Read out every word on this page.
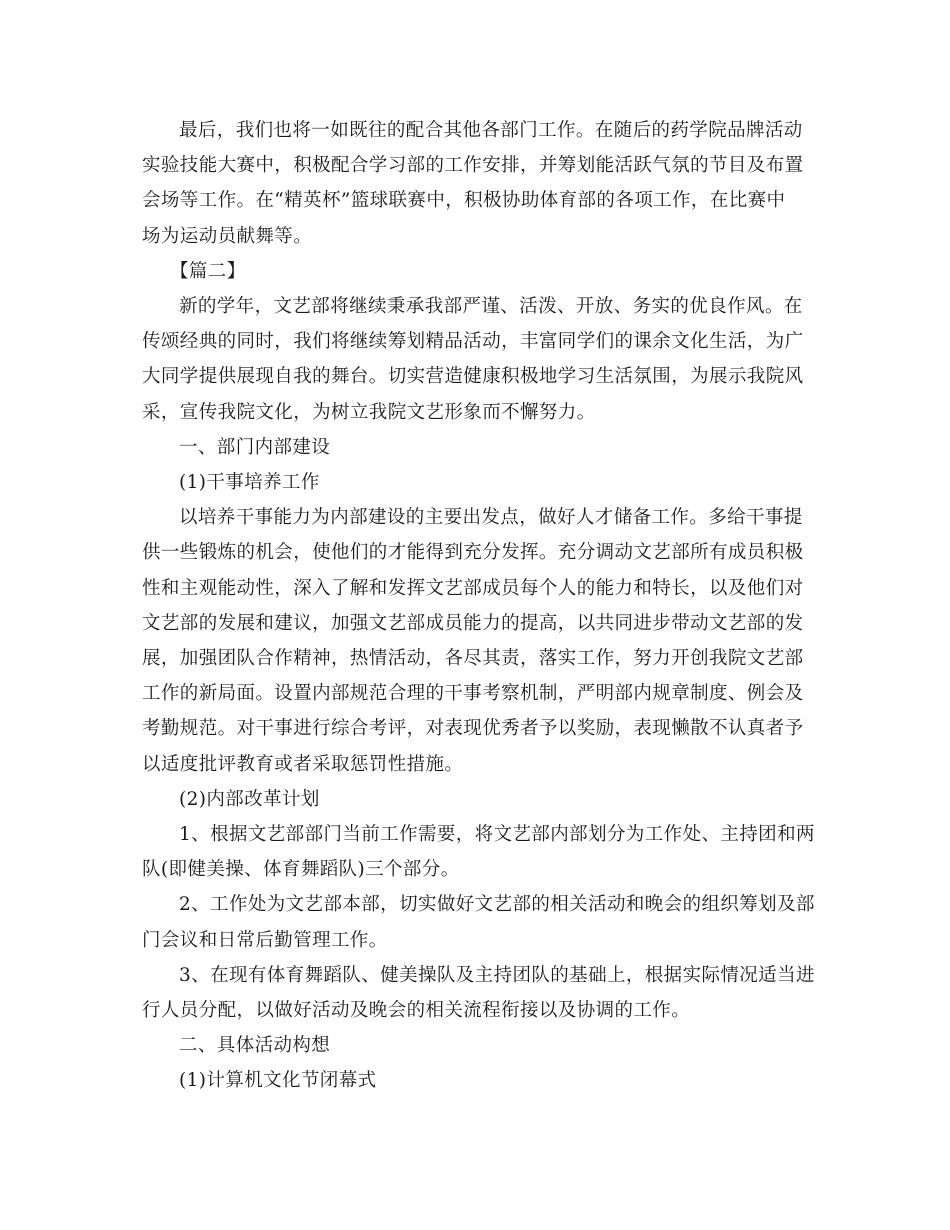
最后，我们也将一如既往的配合其他各部门工作。在随后的药学院品牌活动
实验技能大赛中，积极配合学习部的工作安排，并筹划能活跃气氛的节目及布置
会场等工作。在“精英杯”篮球联赛中，积极协助体育部的各项工作，在比赛中
场为运动员献舞等。

【篇二】

新的学年，文艺部将继续秉承我部严谨、活泼、开放、务实的优良作风。在
传颂经典的同时，我们将继续筹划精品活动，丰富同学们的课余文化生活，为广
大同学提供展现自我的舞台。切实营造健康积极地学习生活氛围，为展示我院风
采，宣传我院文化，为树立我院文艺形象而不懈努力。

一、部门内部建设

(1)干事培养工作

以培养干事能力为内部建设的主要出发点，做好人才储备工作。多给干事提
供一些锻炼的机会，使他们的才能得到充分发挥。充分调动文艺部所有成员积极
性和主观能动性，深入了解和发挥文艺部成员每个人的能力和特长，以及他们对
文艺部的发展和建议，加强文艺部成员能力的提高，以共同进步带动文艺部的发
展，加强团队合作精神，热情活动，各尽其责，落实工作，努力开创我院文艺部
工作的新局面。设置内部规范合理的干事考察机制，严明部内规章制度、例会及
考勤规范。对干事进行综合考评，对表现优秀者予以奖励，表现懒散不认真者予
以适度批评教育或者采取惩罚性措施。

(2)内部改革计划

1、根据文艺部部门当前工作需要，将文艺部内部划分为工作处、主持团和两
队(即健美操、体育舞蹈队)三个部分。

2、工作处为文艺部本部，切实做好文艺部的相关活动和晚会的组织筹划及部
门会议和日常后勤管理工作。

3、在现有体育舞蹈队、健美操队及主持团队的基础上，根据实际情况适当进
行人员分配，以做好活动及晚会的相关流程衔接以及协调的工作。

二、具体活动构想

(1)计算机文化节闭幕式
